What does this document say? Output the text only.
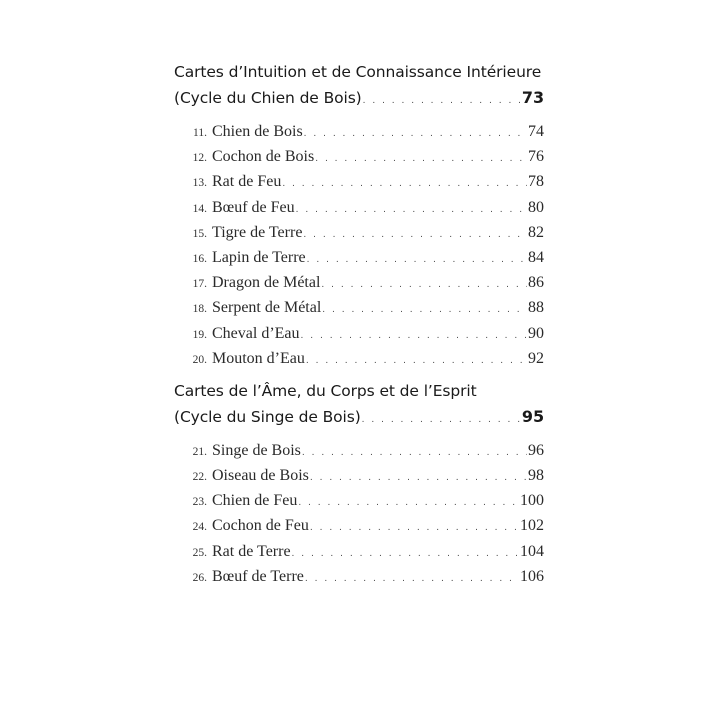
Cartes d’Intuition et de Connaissance Intérieure
(Cycle du Chien de Bois) . . .	73
11. Chien de Bois . . .	74
12. Cochon de Bois . . .	76
13. Rat de Feu . . .	78
14. Bœuf de Feu . . .	80
15. Tigre de Terre . . .	82
16. Lapin de Terre . . .	84
17. Dragon de Métal . . .	86
18. Serpent de Métal . . .	88
19. Cheval d’Eau . . .	90
20. Mouton d’Eau . . .	92
Cartes de l’Âme, du Corps et de l’Esprit
(Cycle du Singe de Bois) . . .	95
21. Singe de Bois . . .	96
22. Oiseau de Bois . . .	98
23. Chien de Feu . . .	100
24. Cochon de Feu . . .	102
25. Rat de Terre . . .	104
26. Bœuf de Terre . . .	106
